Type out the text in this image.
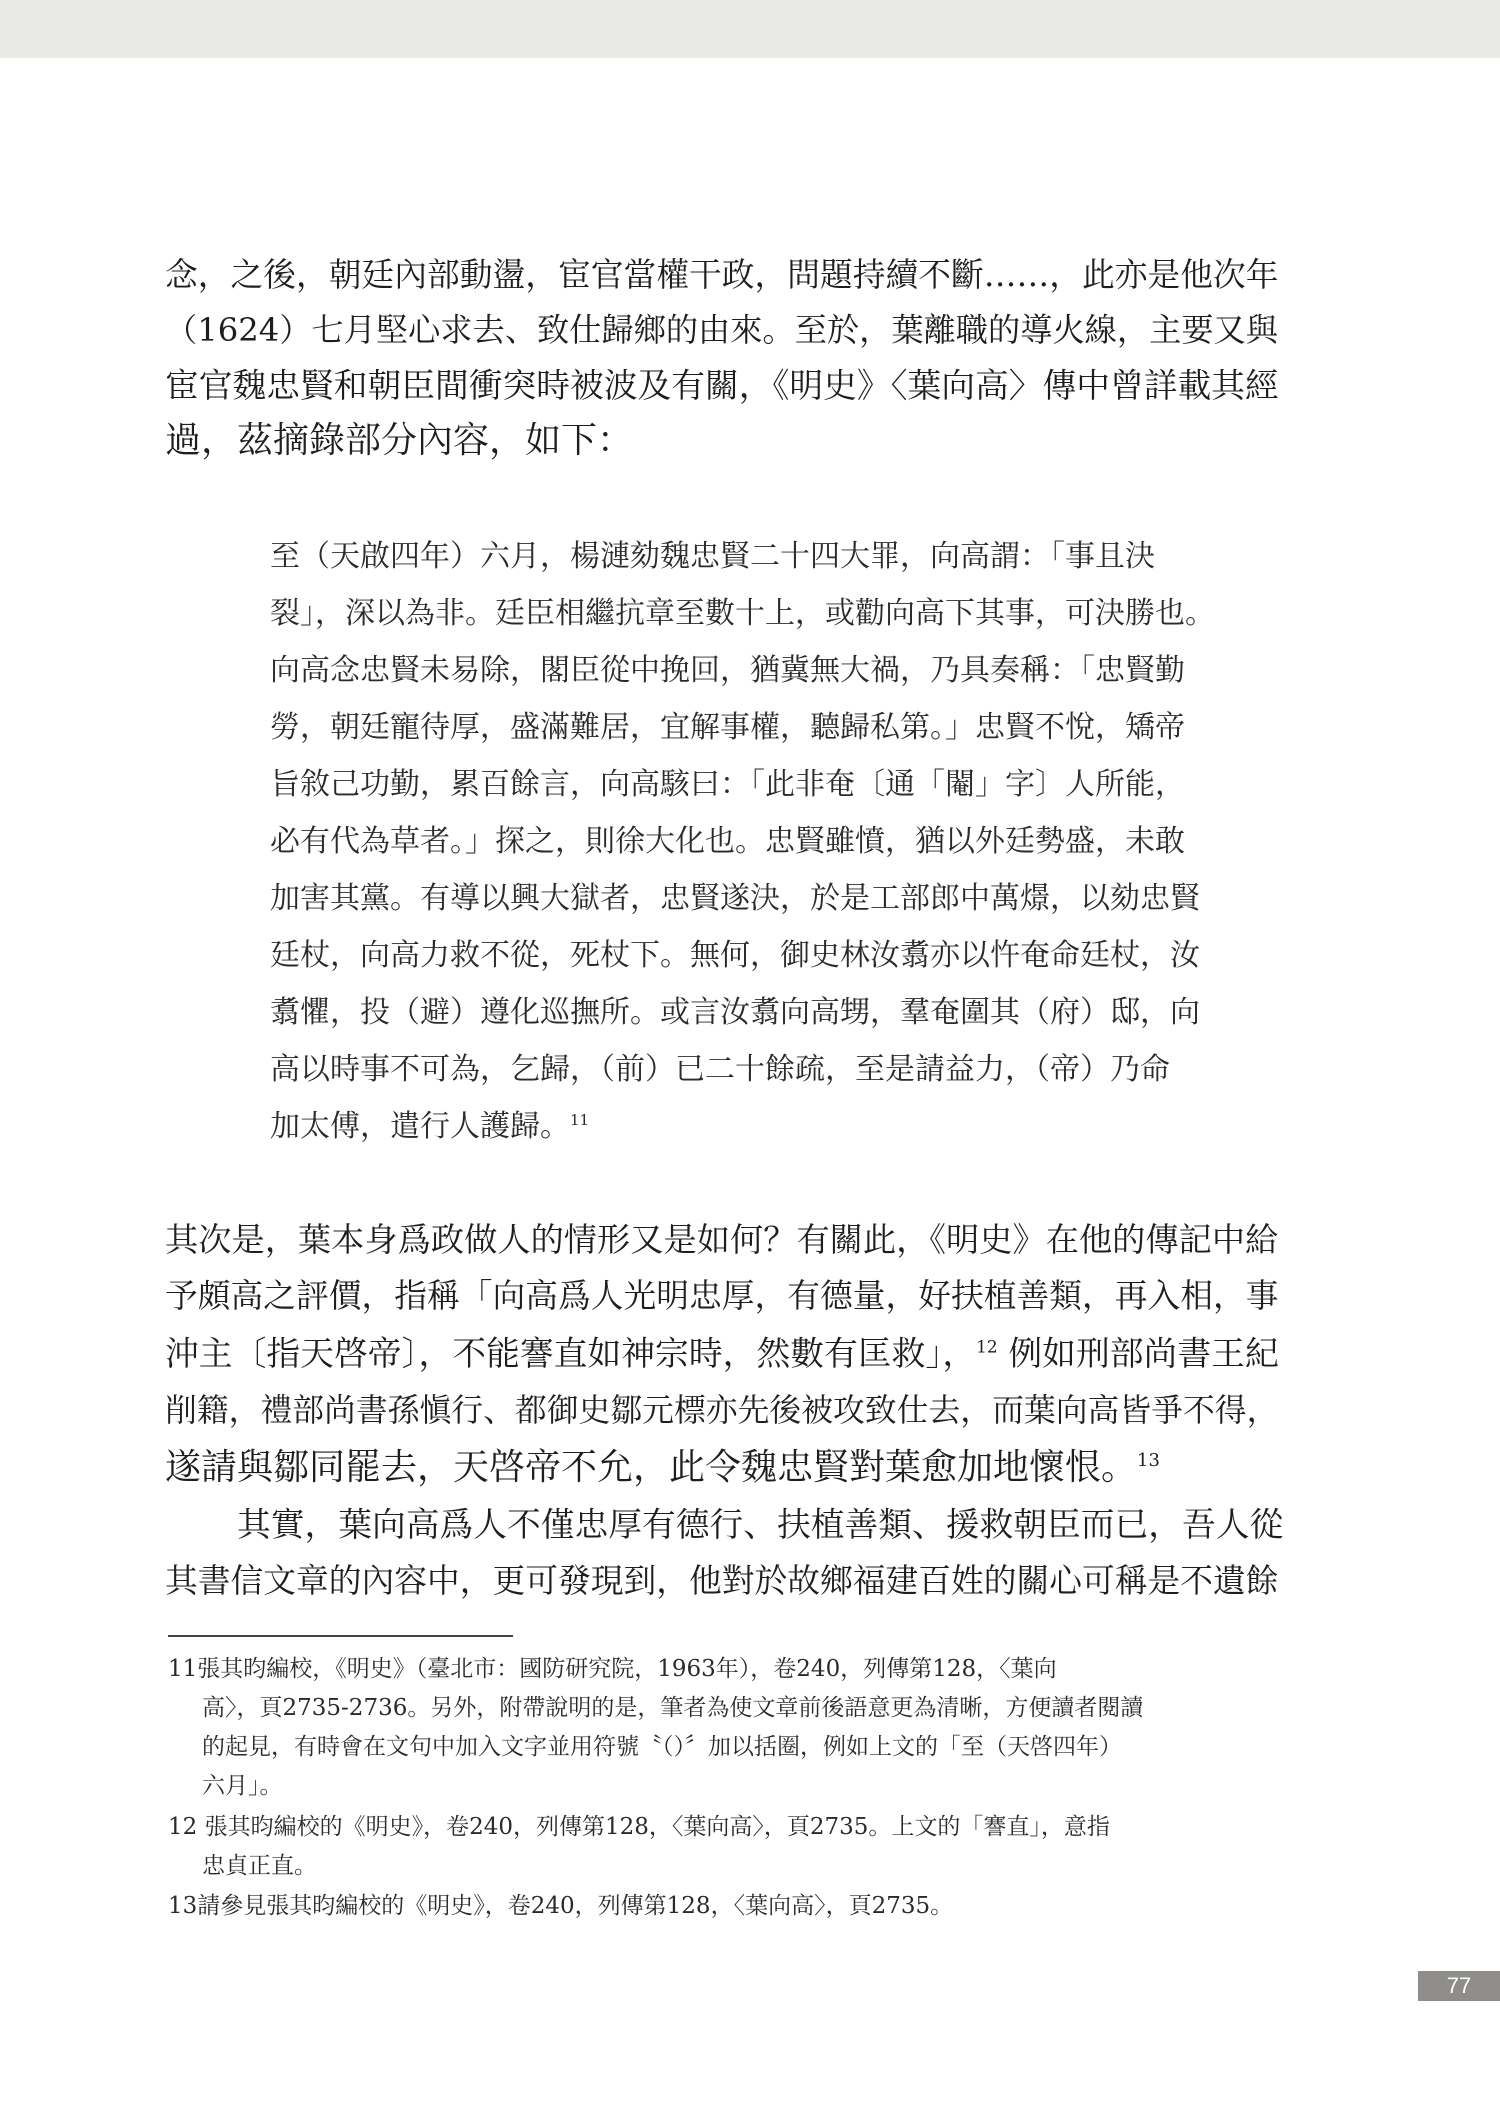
念，之後，朝廷內部動盪，宦官當權干政，問題持續不斷……，此亦是他次年
（1624）七月堅心求去、致仕歸鄉的由來。至於，葉離職的導火線，主要又與
宦官魏忠賢和朝臣間衝突時被波及有關，《明史》〈葉向高〉傳中曾詳載其經
過，茲摘錄部分內容，如下：
至（天啟四年）六月，楊漣劾魏忠賢二十四大罪，向高謂：「事且決
裂」，深以為非。廷臣相繼抗章至數十上，或勸向高下其事，可決勝也。
向高念忠賢未易除，閣臣從中挽回，猶冀無大禍，乃具奏稱：「忠賢勤
勞，朝廷寵待厚，盛滿難居，宜解事權，聽歸私第。」忠賢不悅，矯帝
旨敘己功勤，累百餘言，向高駭曰：「此非奄〔通「閹」字〕人所能，
必有代為草者。」探之，則徐大化也。忠賢雖憤，猶以外廷勢盛，未敢
加害其黨。有導以興大獄者，忠賢遂決，於是工部郎中萬燝，以劾忠賢
廷杖，向高力救不從，死杖下。無何，御史林汝翥亦以忤奄命廷杖，汝
翥懼，投（避）遵化巡撫所。或言汝翥向高甥，羣奄圍其（府）邸，向
高以時事不可為，乞歸，（前）已二十餘疏，至是請益力，（帝）乃命
加太傅，遣行人護歸。$^{11}$
其次是，葉本身爲政做人的情形又是如何？有關此，《明史》在他的傳記中給
予頗高之評價，指稱「向高爲人光明忠厚，有德量，好扶植善類，再入相，事
沖主〔指天啓帝〕，不能謇直如神宗時，然數有匡救」，$^{12}$ 例如刑部尚書王紀
削籍，禮部尚書孫愼行、都御史鄒元標亦先後被攻致仕去，而葉向高皆爭不得，
遂請與鄒同罷去，天啓帝不允，此令魏忠賢對葉愈加地懷恨。$^{13}$
其實，葉向高爲人不僅忠厚有德行、扶植善類、援救朝臣而已，吾人從
其書信文章的內容中，更可發現到，他對於故鄉福建百姓的關心可稱是不遺餘
11張其昀編校，《明史》（臺北市：國防研究院，1963年），卷240，列傳第128，〈葉向
高〉，頁2735-2736。另外，附帶說明的是，筆者為使文章前後語意更為清晰，方便讀者閱讀
的起見，有時會在文句中加入文字並用符號〝（）〞加以括圈，例如上文的「至（天啓四年）
六月」。
12 張其昀編校的《明史》，卷240，列傳第128，〈葉向高〉，頁2735。上文的「謇直」，意指
忠貞正直。
13請參見張其昀編校的《明史》，卷240，列傳第128，〈葉向高〉，頁2735。
77
